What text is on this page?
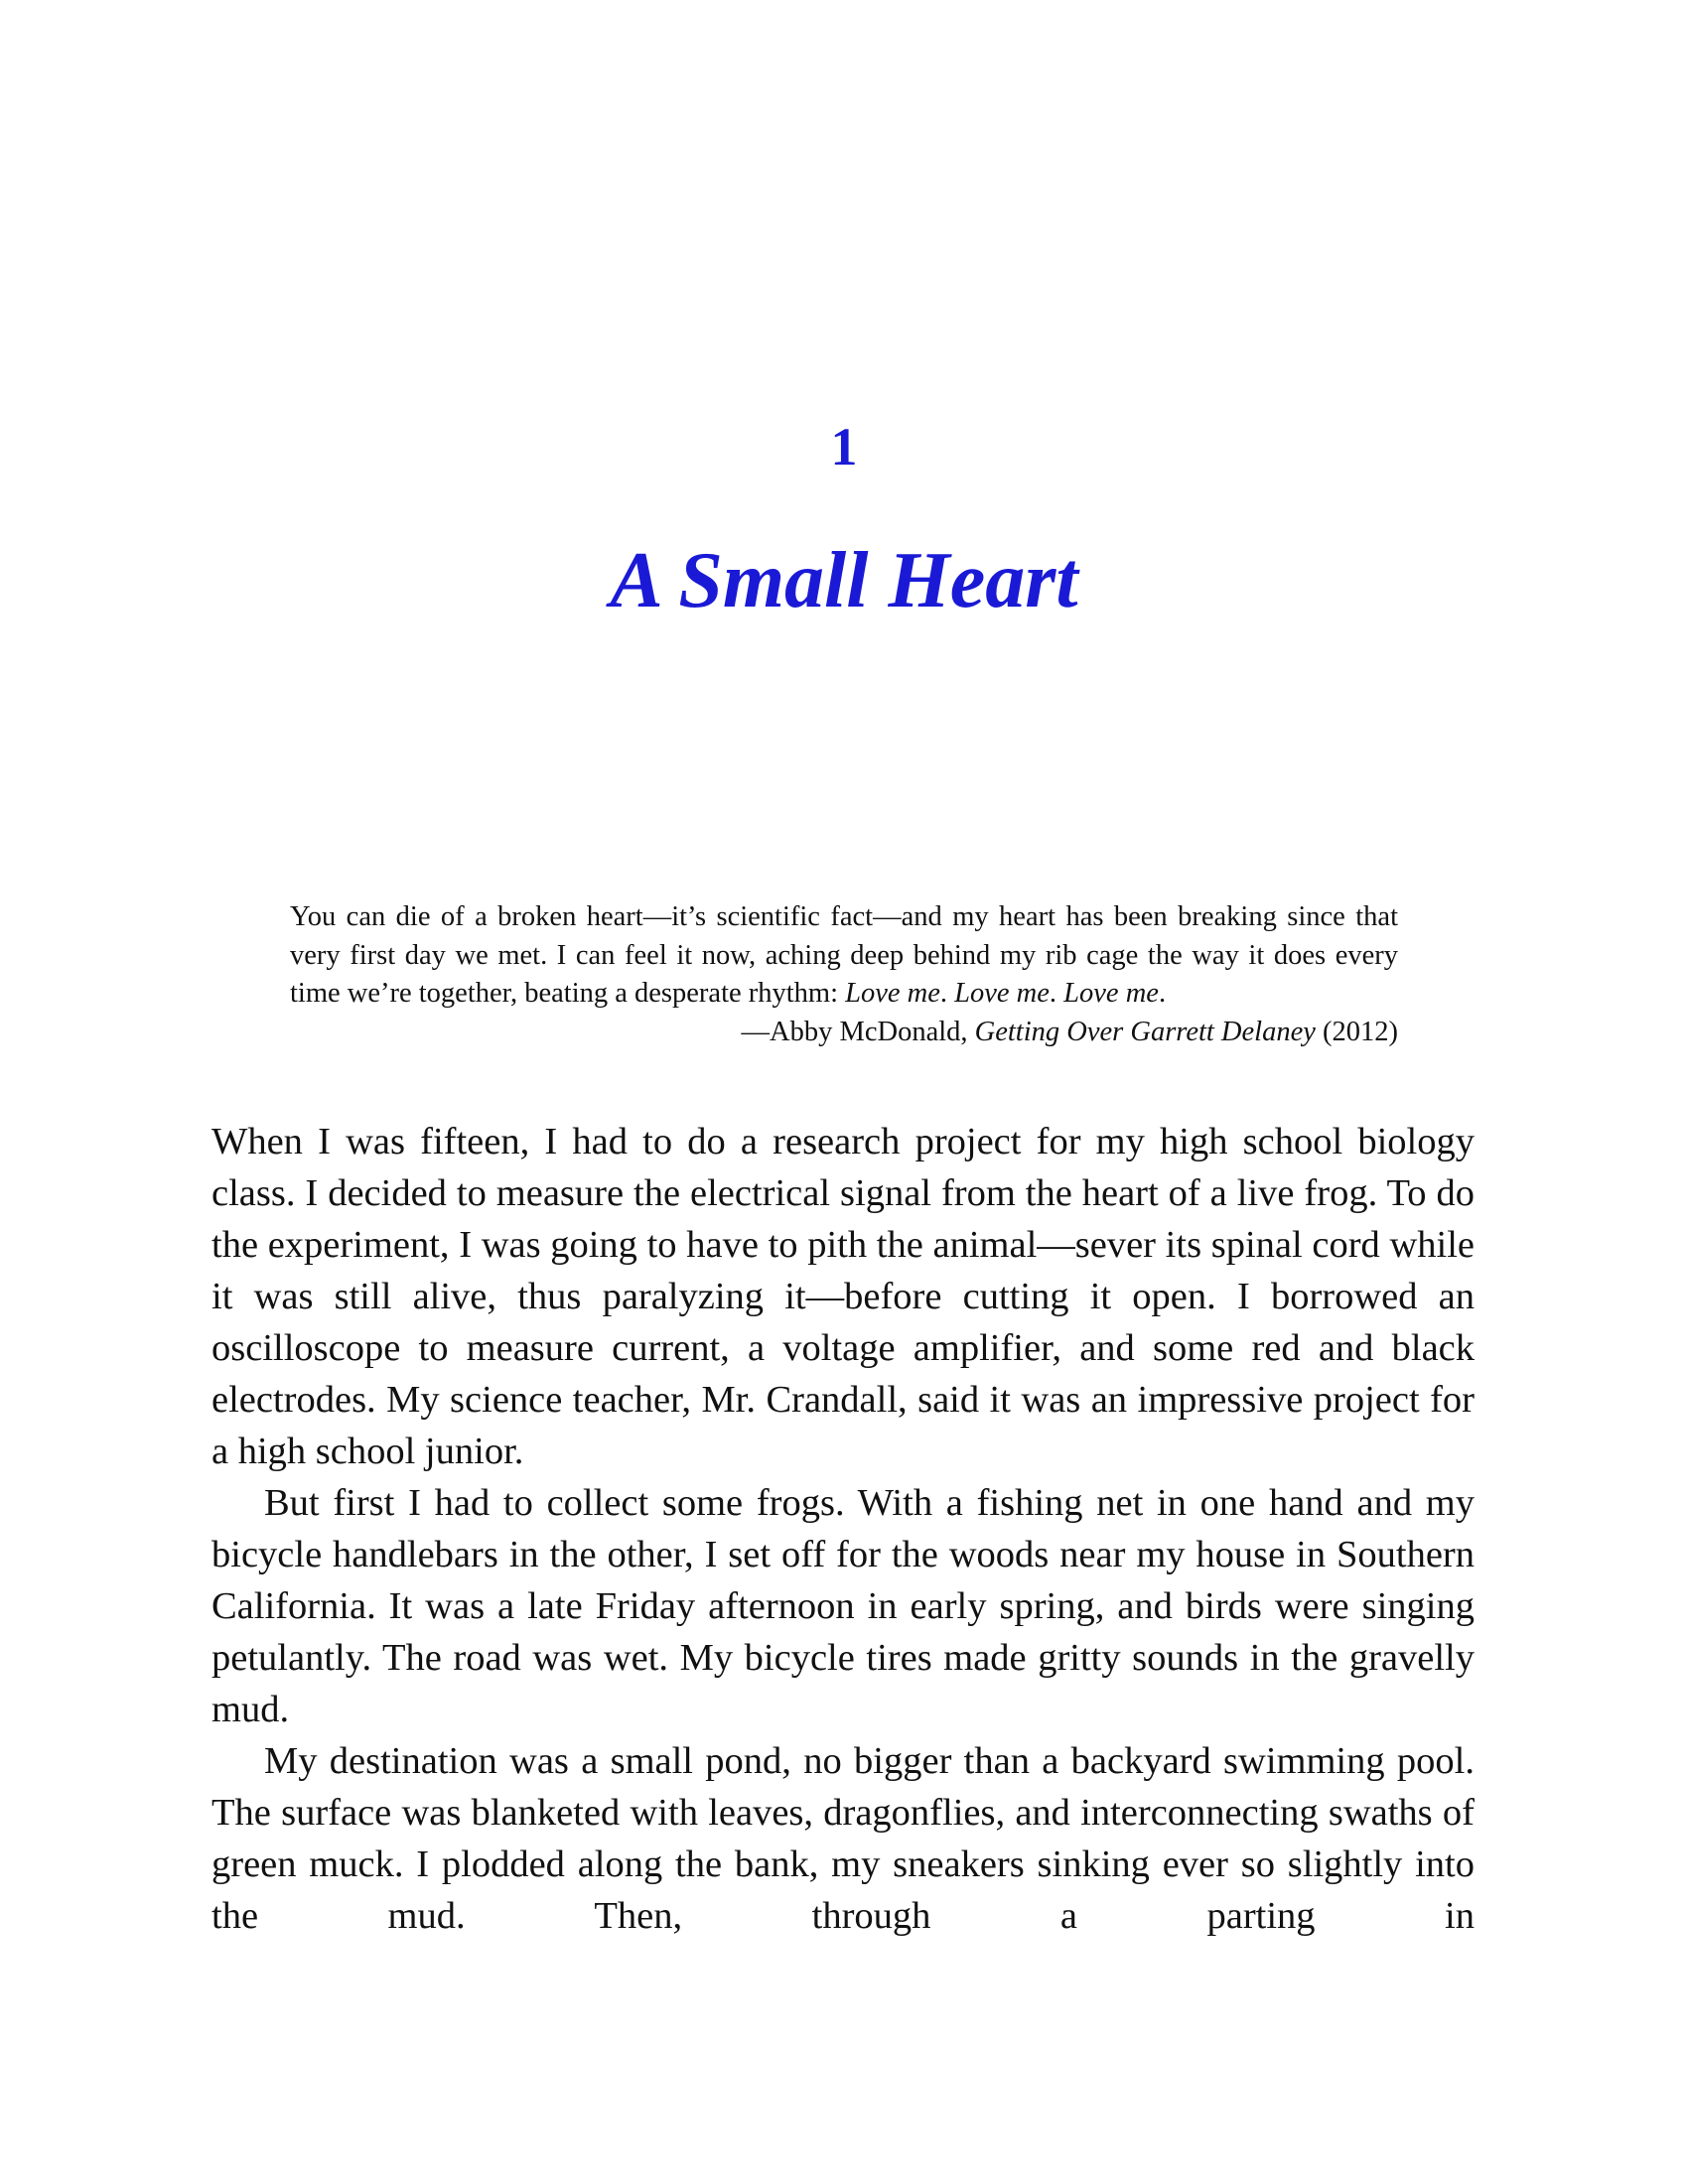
1
A Small Heart

You can die of a broken heart—it’s scientific fact—and my heart has been breaking since that very first day we met. I can feel it now, aching deep behind my rib cage the way it does every time we’re together, beating a desperate rhythm: Love me. Love me. Love me.

—Abby McDonald, Getting Over Garrett Delaney (2012)

When I was fifteen, I had to do a research project for my high school biology class. I decided to measure the electrical signal from the heart of a live frog. To do the experiment, I was going to have to pith the animal—sever its spinal cord while it was still alive, thus paralyzing it—before cutting it open. I borrowed an oscilloscope to measure current, a voltage amplifier, and some red and black electrodes. My science teacher, Mr. Crandall, said it was an impressive project for a high school junior.

But first I had to collect some frogs. With a fishing net in one hand and my bicycle handlebars in the other, I set off for the woods near my house in Southern California. It was a late Friday afternoon in early spring, and birds were singing petulantly. The road was wet. My bicycle tires made gritty sounds in the gravelly mud.

My destination was a small pond, no bigger than a backyard swimming pool. The surface was blanketed with leaves, dragonflies, and interconnecting swaths of green muck. I plodded along the bank, my sneakers sinking ever so slightly into the mud. Then, through a parting in
